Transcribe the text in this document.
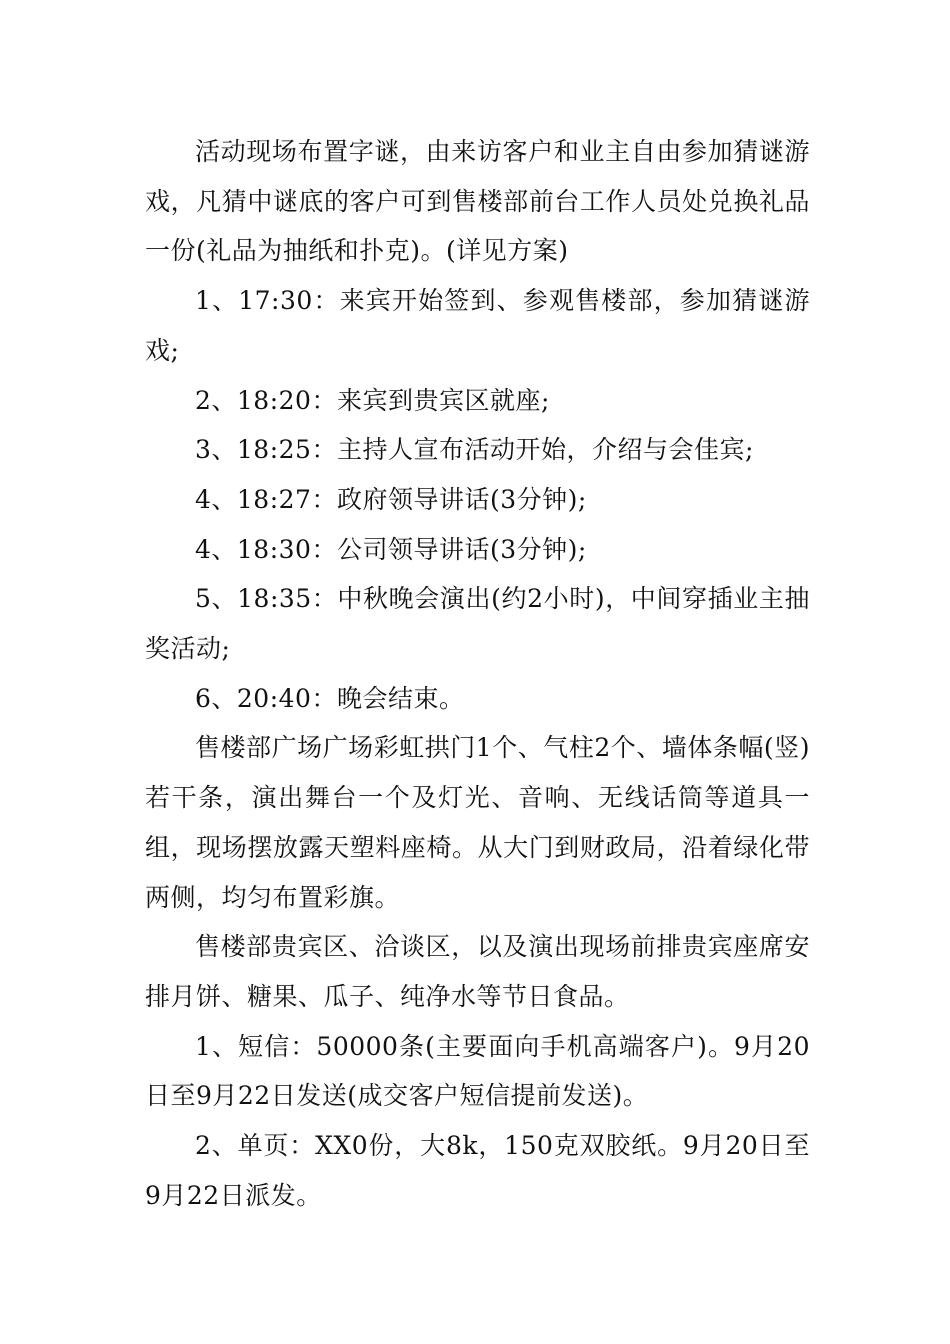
活动现场布置字谜，由来访客户和业主自由参加猜谜游戏，凡猜中谜底的客户可到售楼部前台工作人员处兑换礼品一份(礼品为抽纸和扑克)。(详见方案)

1、17:30：来宾开始签到、参观售楼部，参加猜谜游戏;

2、18:20：来宾到贵宾区就座;

3、18:25：主持人宣布活动开始，介绍与会佳宾;

4、18:27：政府领导讲话(3分钟);

4、18:30：公司领导讲话(3分钟);

5、18:35：中秋晚会演出(约2小时)，中间穿插业主抽奖活动;

6、20:40：晚会结束。

售楼部广场广场彩虹拱门1个、气柱2个、墙体条幅(竖)若干条，演出舞台一个及灯光、音响、无线话筒等道具一组，现场摆放露天塑料座椅。从大门到财政局，沿着绿化带两侧，均匀布置彩旗。

售楼部贵宾区、洽谈区，以及演出现场前排贵宾座席安排月饼、糖果、瓜子、纯净水等节日食品。

1、短信：50000条(主要面向手机高端客户)。9月20日至9月22日发送(成交客户短信提前发送)。

2、单页：XX0份，大8k，150克双胶纸。9月20日至9月22日派发。
